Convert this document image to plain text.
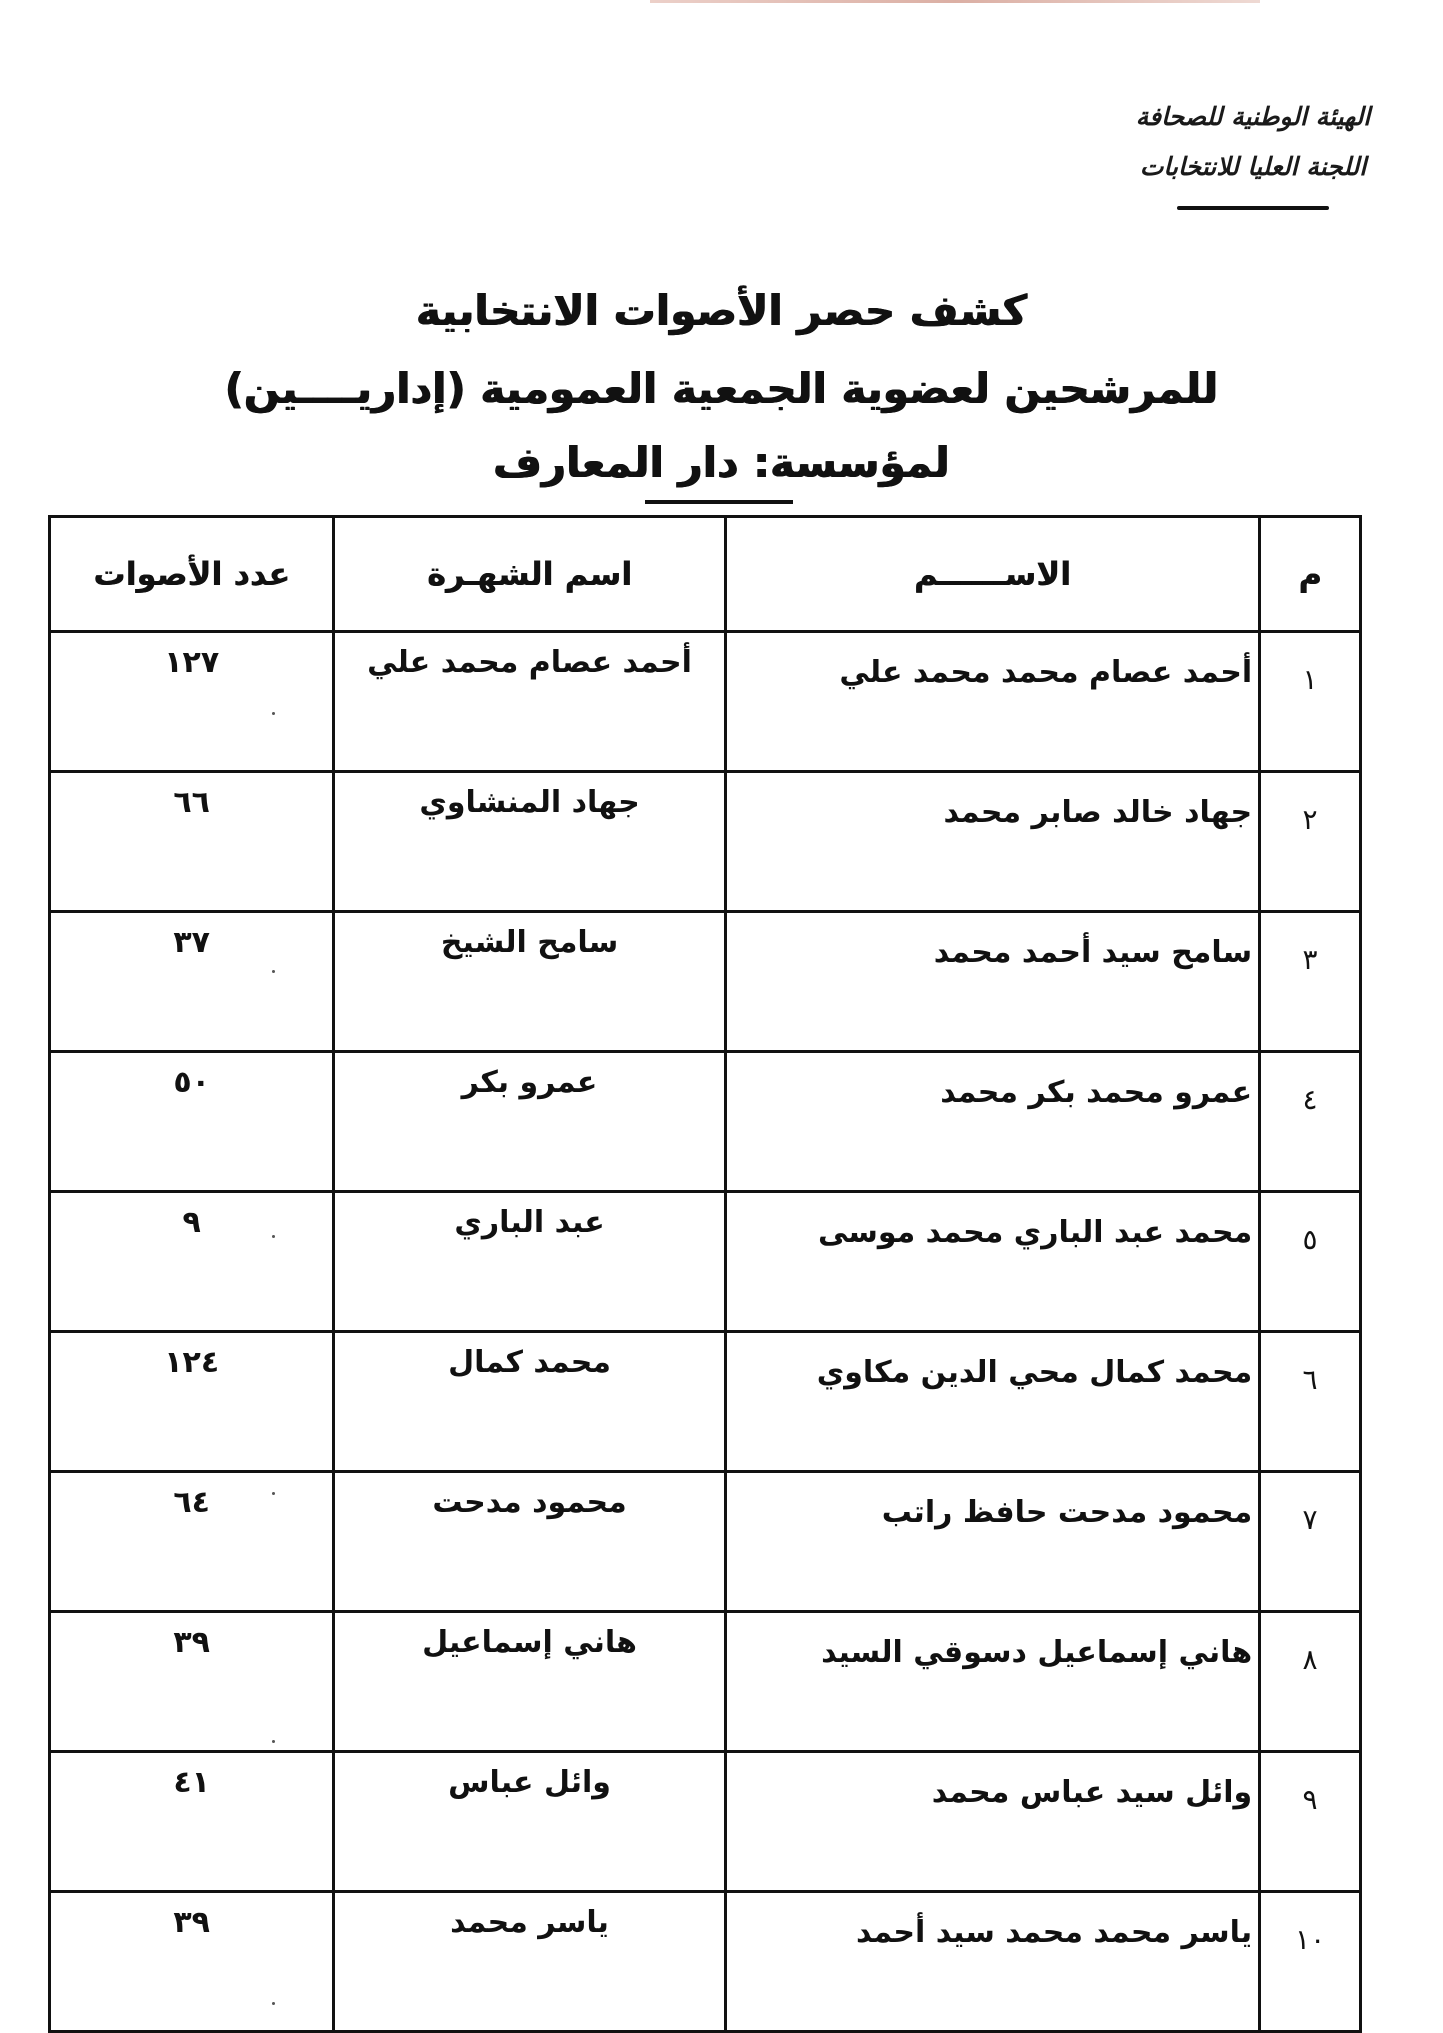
الهيئة الوطنية للصحافة
اللجنة العليا للانتخابات
كشف حصر الأصوات الانتخابية
للمرشحين لعضوية الجمعية العمومية (إداريــــين)
لمؤسسة: دار المعارف
م	الاســــــم	اسم الشهـرة	عدد الأصوات
١	أحمد عصام محمد محمد علي	أحمد عصام محمد علي	١٢٧
٢	جهاد خالد صابر محمد	جهاد المنشاوي	٦٦
٣	سامح سيد أحمد محمد	سامح الشيخ	٣٧
٤	عمرو محمد بكر محمد	عمرو بكر	٥٠
٥	محمد عبد الباري محمد موسى	عبد الباري	٩
٦	محمد كمال محي الدين مكاوي	محمد كمال	١٢٤
٧	محمود مدحت حافظ راتب	محمود مدحت	٦٤
٨	هاني إسماعيل دسوقي السيد	هاني إسماعيل	٣٩
٩	وائل سيد عباس محمد	وائل عباس	٤١
١٠	ياسر محمد محمد سيد أحمد	ياسر محمد	٣٩
